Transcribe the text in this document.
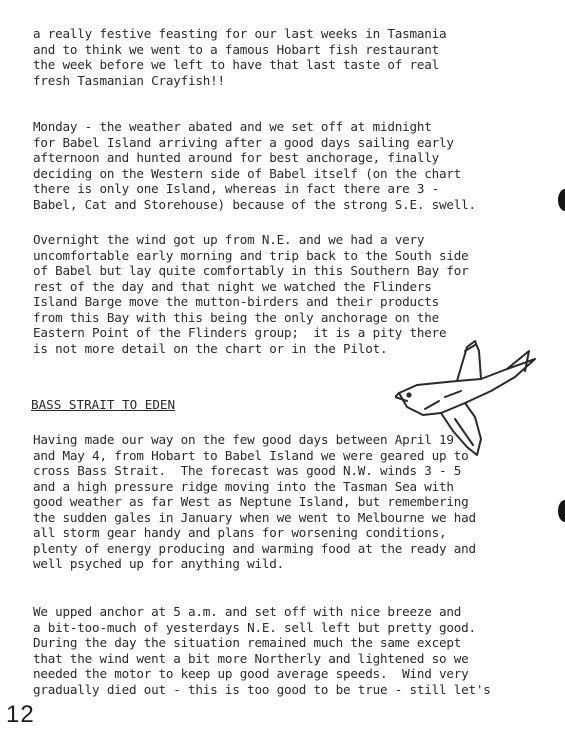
a really festive feasting for our last weeks in Tasmania
and to think we went to a famous Hobart fish restaurant
the week before we left to have that last taste of real
fresh Tasmanian Crayfish!!
Monday - the weather abated and we set off at midnight
for Babel Island arriving after a good days sailing early
afternoon and hunted around for best anchorage, finally
deciding on the Western side of Babel itself (on the chart
there is only one Island, whereas in fact there are 3 -
Babel, Cat and Storehouse) because of the strong S.E. swell.
Overnight the wind got up from N.E. and we had a very
uncomfortable early morning and trip back to the South side
of Babel but lay quite comfortably in this Southern Bay for
rest of the day and that night we watched the Flinders
Island Barge move the mutton-birders and their products
from this Bay with this being the only anchorage on the
Eastern Point of the Flinders group;  it is a pity there
is not more detail on the chart or in the Pilot.
BASS STRAIT TO EDEN
Having made our way on the few good days between April 19
and May 4, from Hobart to Babel Island we were geared up to
cross Bass Strait.  The forecast was good N.W. winds 3 - 5
and a high pressure ridge moving into the Tasman Sea with
good weather as far West as Neptune Island, but remembering
the sudden gales in January when we went to Melbourne we had
all storm gear handy and plans for worsening conditions,
plenty of energy producing and warming food at the ready and
well psyched up for anything wild.
We upped anchor at 5 a.m. and set off with nice breeze and
a bit-too-much of yesterdays N.E. sell left but pretty good.
During the day the situation remained much the same except
that the wind went a bit more Northerly and lightened so we
needed the motor to keep up good average speeds.  Wind very
gradually died out - this is too good to be true - still let's
12
